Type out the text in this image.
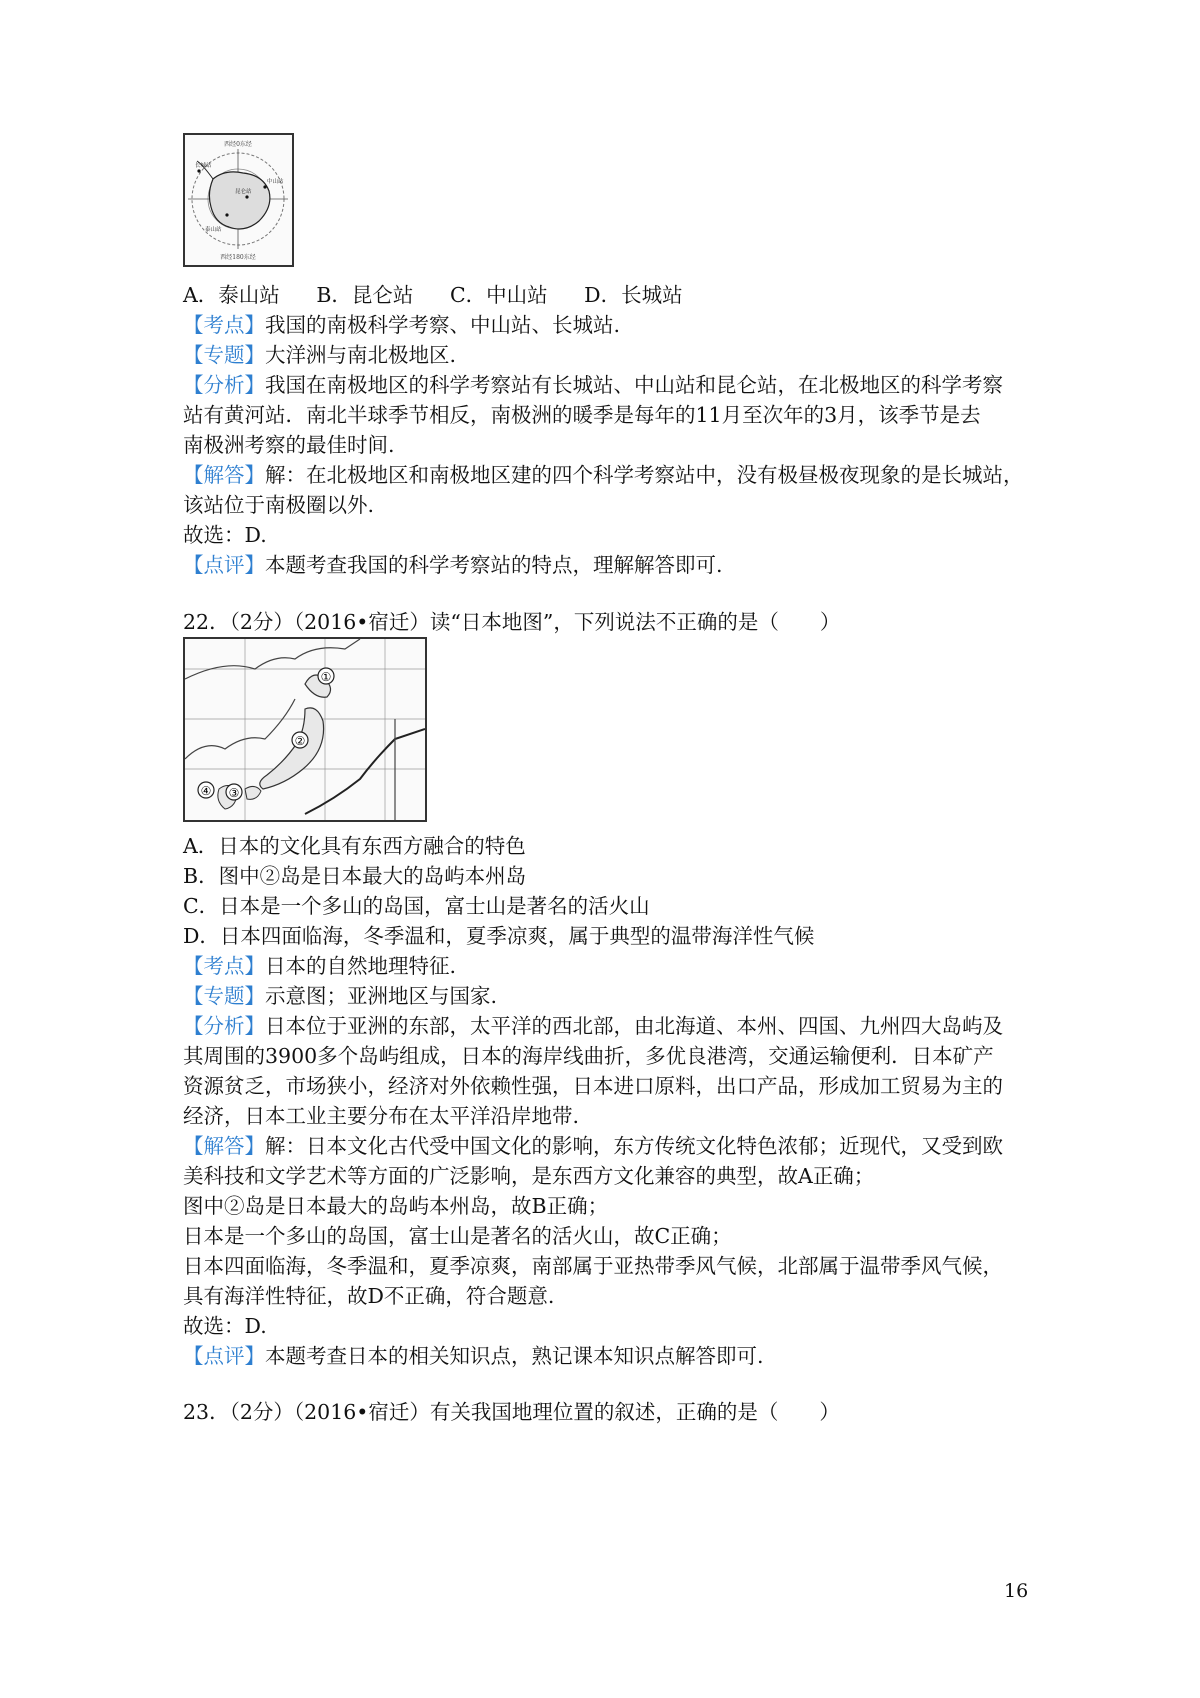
西经0东经
长城站
中山站
昆仑站
泰山站
西经180东经
A．泰山站 B．昆仑站 C．中山站 D．长城站
【考点】我国的南极科学考察、中山站、长城站.
【专题】大洋洲与南北极地区.
【分析】我国在南极地区的科学考察站有长城站、中山站和昆仑站，在北极地区的科学考察
站有黄河站．南北半球季节相反，南极洲的暖季是每年的11月至次年的3月，该季节是去
南极洲考察的最佳时间.
【解答】解：在北极地区和南极地区建的四个科学考察站中，没有极昼极夜现象的是长城站，
该站位于南极圈以外.
故选：D.
【点评】本题考查我国的科学考察站的特点，理解解答即可.
22．（2分）（2016•宿迁）读“日本地图”，下列说法不正确的是（　　）
①
②
③
④
A．日本的文化具有东西方融合的特色
B．图中②岛是日本最大的岛屿本州岛
C．日本是一个多山的岛国，富士山是著名的活火山
D．日本四面临海，冬季温和，夏季凉爽，属于典型的温带海洋性气候
【考点】日本的自然地理特征.
【专题】示意图；亚洲地区与国家.
【分析】日本位于亚洲的东部，太平洋的西北部，由北海道、本州、四国、九州四大岛屿及
其周围的3900多个岛屿组成，日本的海岸线曲折，多优良港湾，交通运输便利．日本矿产
资源贫乏，市场狭小，经济对外依赖性强，日本进口原料，出口产品，形成加工贸易为主的
经济，日本工业主要分布在太平洋沿岸地带.
【解答】解：日本文化古代受中国文化的影响，东方传统文化特色浓郁；近现代，又受到欧
美科技和文学艺术等方面的广泛影响，是东西方文化兼容的典型，故A正确；
图中②岛是日本最大的岛屿本州岛，故B正确；
日本是一个多山的岛国，富士山是著名的活火山，故C正确；
日本四面临海，冬季温和，夏季凉爽，南部属于亚热带季风气候，北部属于温带季风气候，
具有海洋性特征，故D不正确，符合题意.
故选：D.
【点评】本题考查日本的相关知识点，熟记课本知识点解答即可.
23．（2分）（2016•宿迁）有关我国地理位置的叙述，正确的是（　　）
16
